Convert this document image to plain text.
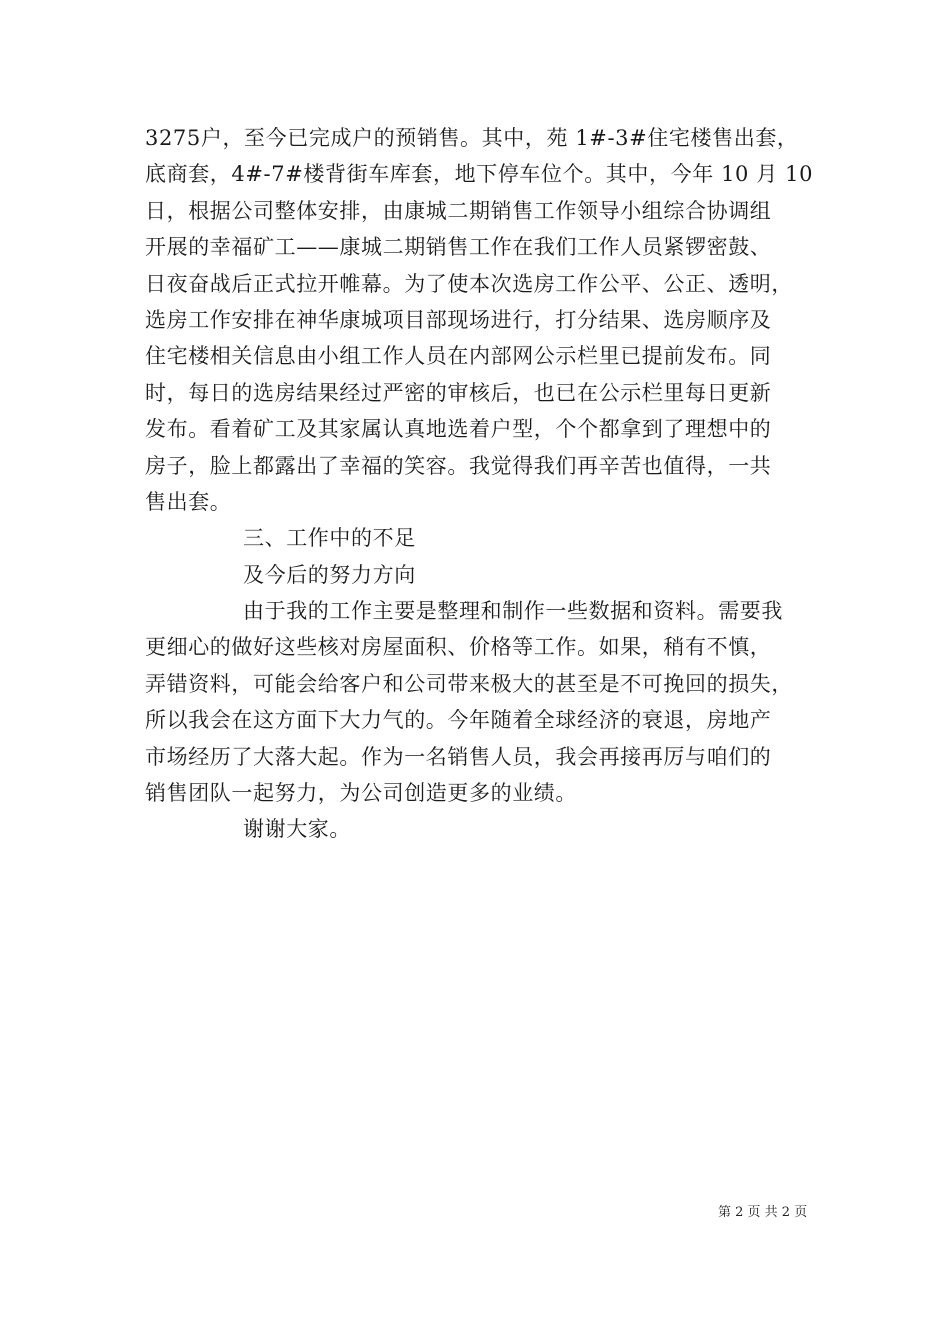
3275户，至今已完成户的预销售。其中，苑 1#-3#住宅楼售出套，
底商套，4#-7#楼背街车库套，地下停车位个。其中，今年 10 月 10
日，根据公司整体安排，由康城二期销售工作领导小组综合协调组
开展的幸福矿工——康城二期销售工作在我们工作人员紧锣密鼓、
日夜奋战后正式拉开帷幕。为了使本次选房工作公平、公正、透明，
选房工作安排在神华康城项目部现场进行，打分结果、选房顺序及
住宅楼相关信息由小组工作人员在内部网公示栏里已提前发布。同
时，每日的选房结果经过严密的审核后，也已在公示栏里每日更新
发布。看着矿工及其家属认真地选着户型，个个都拿到了理想中的
房子，脸上都露出了幸福的笑容。我觉得我们再辛苦也值得，一共
售出套。
三、工作中的不足
及今后的努力方向
由于我的工作主要是整理和制作一些数据和资料。需要我
更细心的做好这些核对房屋面积、价格等工作。如果，稍有不慎，
弄错资料，可能会给客户和公司带来极大的甚至是不可挽回的损失，
所以我会在这方面下大力气的。今年随着全球经济的衰退，房地产
市场经历了大落大起。作为一名销售人员，我会再接再厉与咱们的
销售团队一起努力，为公司创造更多的业绩。
谢谢大家。
第 2 页 共 2 页
